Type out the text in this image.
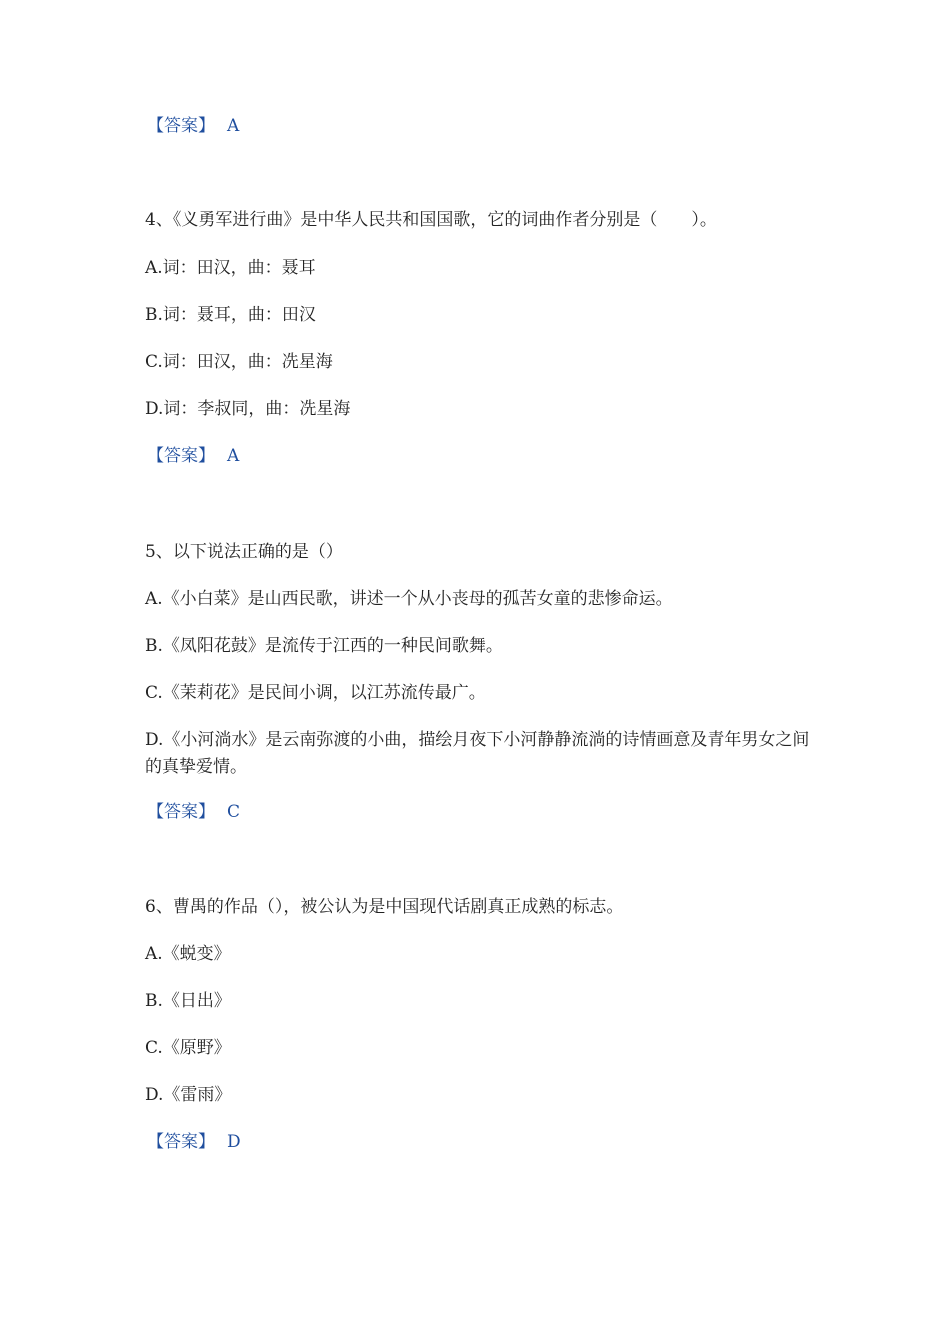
【答案】 A
4、《义勇军进行曲》是中华人民共和国国歌，它的词曲作者分别是（　　）。
A.词：田汉，曲：聂耳
B.词：聂耳，曲：田汉
C.词：田汉，曲：冼星海
D.词：李叔同，曲：冼星海
【答案】 A
5、以下说法正确的是（）
A.《小白菜》是山西民歌，讲述一个从小丧母的孤苦女童的悲惨命运。
B.《凤阳花鼓》是流传于江西的一种民间歌舞。
C.《茉莉花》是民间小调，以江苏流传最广。
D.《小河淌水》是云南弥渡的小曲，描绘月夜下小河静静流淌的诗情画意及青年男女之间的真挚爱情。
【答案】 C
6、曹禺的作品（），被公认为是中国现代话剧真正成熟的标志。
A.《蜕变》
B.《日出》
C.《原野》
D.《雷雨》
【答案】 D
